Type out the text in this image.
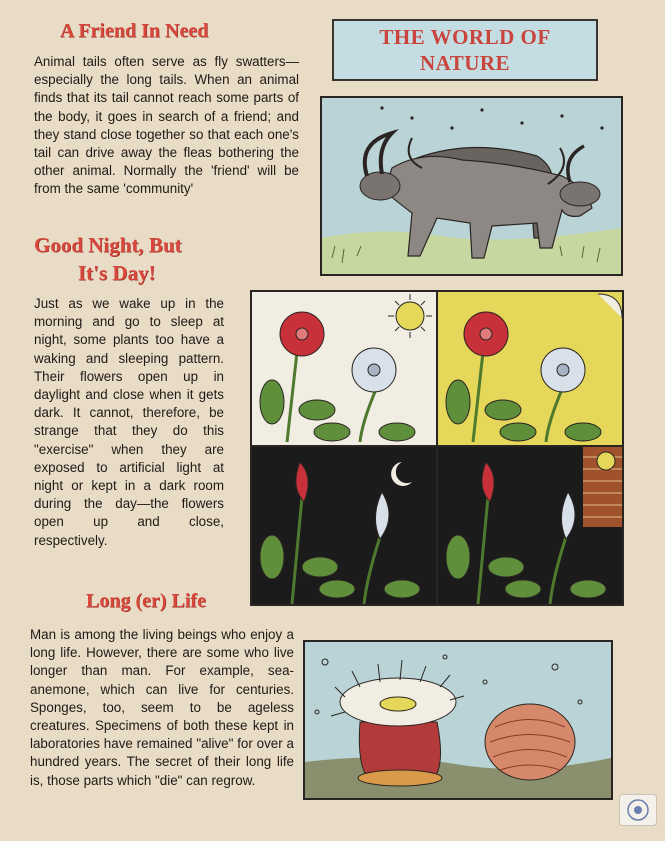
A Friend In Need
Animal tails often serve as fly swatters—especially the long tails. When an animal finds that its tail cannot reach some parts of the body, it goes in search of a friend; and they stand close together so that each one's tail can drive away the fleas bothering the other animal. Normally the 'friend' will be from the same 'community'
THE WORLD OF
NATURE
Good Night, But
It's Day!
Just as we wake up in the morning and go to sleep at night, some plants too have a waking and sleeping pattern. Their flowers open up in daylight and close when it gets dark. It cannot, therefore, be strange that they do this "exercise" when they are exposed to artificial light at night or kept in a dark room during the day—the flowers open up and close, respectively.
Long (er) Life
Man is among the living beings who enjoy a long life. However, there are some who live longer than man. For example, sea-anemone, which can live for centuries. Sponges, too, seem to be ageless creatures. Specimens of both these kept in laboratories have remained "alive" for over a hundred years. The secret of their long life is, those parts which "die" can regrow.
